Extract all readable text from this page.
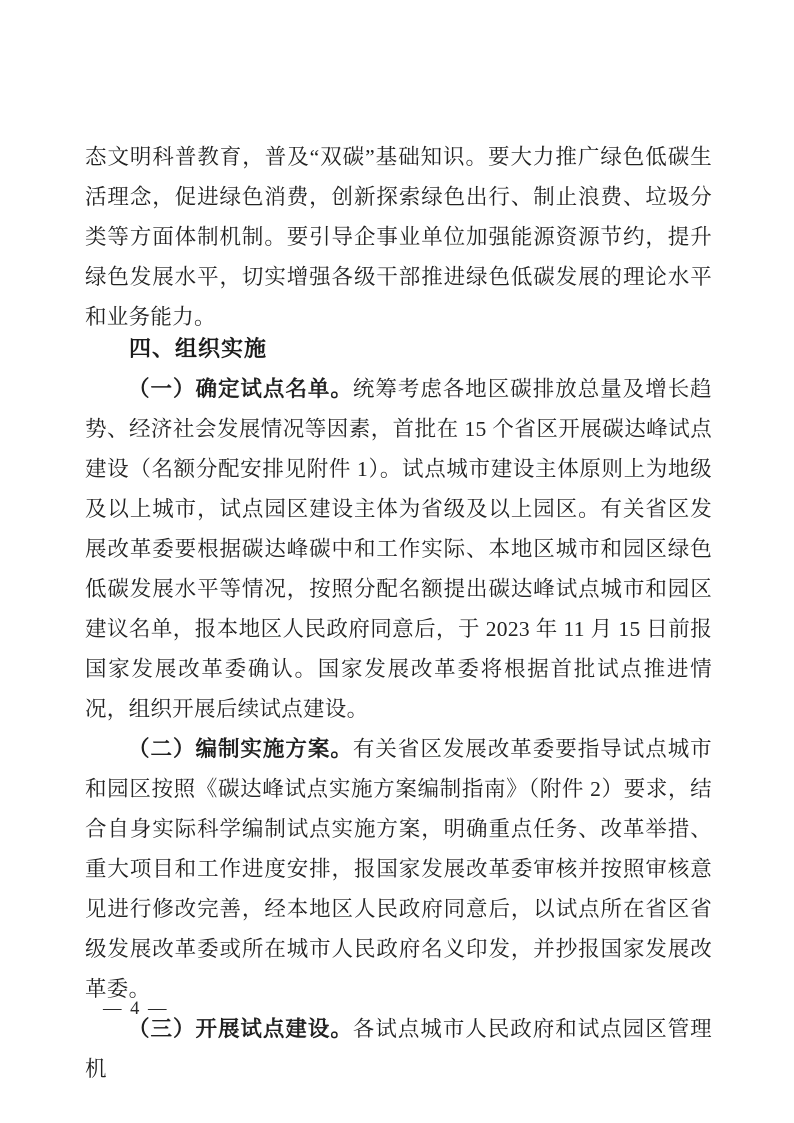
态文明科普教育，普及“双碳”基础知识。要大力推广绿色低碳生活理念，促进绿色消费，创新探索绿色出行、制止浪费、垃圾分类等方面体制机制。要引导企事业单位加强能源资源节约，提升绿色发展水平，切实增强各级干部推进绿色低碳发展的理论水平和业务能力。

四、组织实施

（一）确定试点名单。统筹考虑各地区碳排放总量及增长趋势、经济社会发展情况等因素，首批在 15 个省区开展碳达峰试点建设（名额分配安排见附件 1）。试点城市建设主体原则上为地级及以上城市，试点园区建设主体为省级及以上园区。有关省区发展改革委要根据碳达峰碳中和工作实际、本地区城市和园区绿色低碳发展水平等情况，按照分配名额提出碳达峰试点城市和园区建议名单，报本地区人民政府同意后，于 2023 年 11 月 15 日前报国家发展改革委确认。国家发展改革委将根据首批试点推进情况，组织开展后续试点建设。

（二）编制实施方案。有关省区发展改革委要指导试点城市和园区按照《碳达峰试点实施方案编制指南》（附件 2）要求，结合自身实际科学编制试点实施方案，明确重点任务、改革举措、重大项目和工作进度安排，报国家发展改革委审核并按照审核意见进行修改完善，经本地区人民政府同意后，以试点所在省区省级发展改革委或所在城市人民政府名义印发，并抄报国家发展改革委。

（三）开展试点建设。各试点城市人民政府和试点园区管理机

— 4 —
